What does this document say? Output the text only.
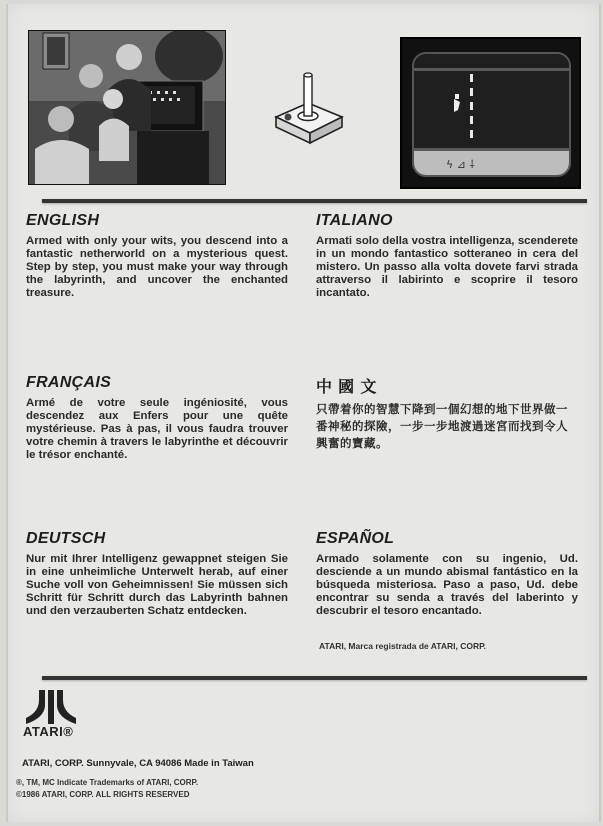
ϟ ⊿ ⸸
ENGLISH

Armed with only your wits, you descend into a fantastic netherworld on a mysterious quest. Step by step, you must make your way through the labyrinth, and uncover the enchanted treasure.

ITALIANO

Armati solo della vostra intelligenza, scenderete in un mondo fantastico sotteraneo in cera del mistero. Un passo alla volta dovete farvi strada attraverso il labirinto e scoprire il tesoro incantato.

FRANÇAIS

Armé de votre seule ingéniosité, vous descendez aux Enfers pour une quête mystérieuse. Pas à pas, il vous faudra trouver votre chemin à travers le labyrinthe et découvrir le trésor enchanté.

中 國 文

只帶着你的智慧下降到一個幻想的地下世界做一番神秘的探險，一步一步地渡過迷宮而找到令人興奮的寶藏。

DEUTSCH

Nur mit Ihrer Intelligenz gewappnet steigen Sie in eine unheimliche Unterwelt herab, auf einer Suche voll von Geheimnissen! Sie müssen sich Schritt für Schritt durch das Labyrinth bahnen und den verzauberten Schatz entdecken.

ESPAÑOL

Armado solamente con su ingenio, Ud. desciende a un mundo abismal fantástico en la búsqueda misteriosa. Paso a paso, Ud. debe encontrar su senda a través del laberinto y descubrir el tesoro encantado.

ATARI, Marca registrada de ATARI, CORP.
ATARI®
ATARI, CORP. Sunnyvale, CA 94086 Made in Taiwan
®, TM, MC Indicate Trademarks of ATARI, CORP.
©1986 ATARI, CORP. ALL RIGHTS RESERVED
